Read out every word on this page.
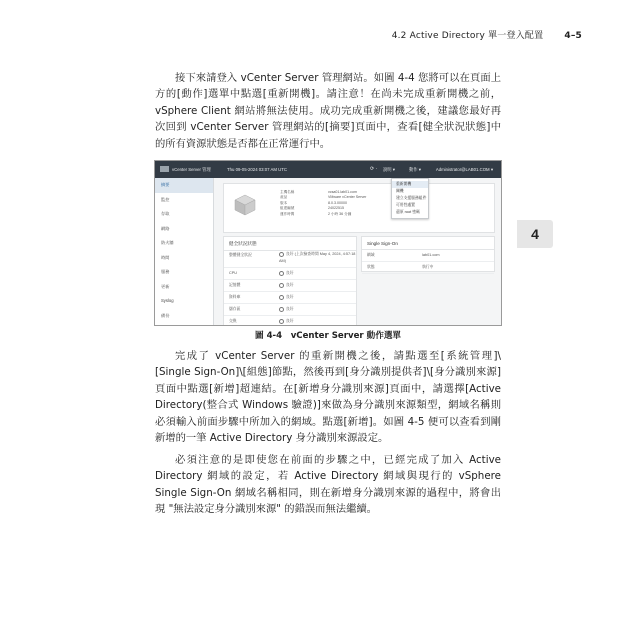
4.2 Active Directory 單一登入配置 4–5
4

接下來請登入 vCenter Server 管理網站。如圖 4-4 您將可以在頁面上方的[動作]選單中點選[重新開機]。請注意！在尚未完成重新開機之前，vSphere Client 網站將無法使用。成功完成重新開機之後，建議您最好再次回到 vCenter Server 管理網站的[摘要]頁面中，查看[健全狀況狀態]中的所有資源狀態是否都在正常運行中。

vCenter Server 管理	Thu 09-05-2024 03:07 AM UTC	⟳ · 說明 ▾	動作 ▾	Administrator@LAB01.COM ▾
摘要
監控
存取
網路
防火牆
時間
服務
更新
Syslog
備份
主機名稱	vcsa01.lab01.com
產品	VMware vCenter Server
版本	8.0.3.00000
組建編號	24022515
運作時間	2 小時 36 分鐘
健全狀況狀態
整體健全狀況	良好 (上次檢查時間 May 4, 2024, 4:57:18 AM)
CPU	良好
記憶體	良好
資料庫	良好
儲存區	良好
交換	良好
Single Sign-On
網域	lab01.com
狀態	執行中
重新開機
關機
建立支援服務組件
可用性處置
還原 root 密碼
圖 4-4　vCenter Server 動作選單

完成了 vCenter Server 的重新開機之後，請點選至[系統管理]\[Single Sign-On]\[組態]節點，然後再到[身分識別提供者]\[身分識別來源]頁面中點選[新增]超連結。在[新增身分識別來源]頁面中，請選擇[Active Directory(整合式 Windows 驗證)]來做為身分識別來源類型，網域名稱則必須輸入前面步驟中所加入的網域。點選[新增]。如圖 4-5 便可以查看到剛新增的一筆 Active Directory 身分識別來源設定。

必須注意的是即使您在前面的步驟之中，已經完成了加入 Active Directory 網域的設定，若 Active Directory 網域與現行的 vSphere Single Sign-On 網域名稱相同，則在新增身分識別來源的過程中，將會出現 "無法設定身分識別來源" 的錯誤而無法繼續。
